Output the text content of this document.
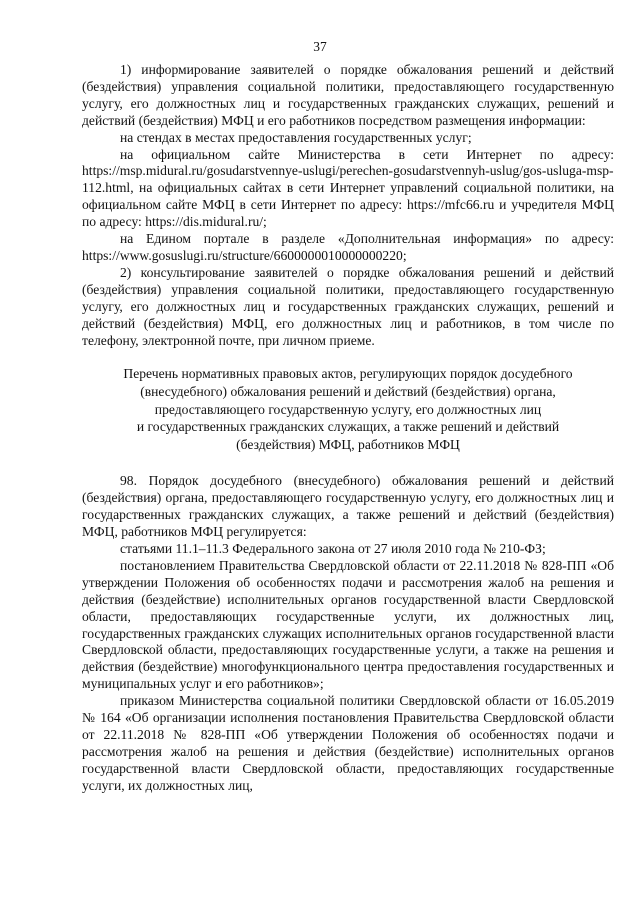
37

1) информирование заявителей о порядке обжалования решений и действий (бездействия) управления социальной политики, предоставляющего государственную услугу, его должностных лиц и государственных гражданских служащих, решений и действий (бездействия) МФЦ и его работников посредством размещения информации:

на стендах в местах предоставления государственных услуг;

на официальном сайте Министерства в сети Интернет по адресу: https://msp.midural.ru/gosudarstvennye-uslugi/perechen-gosudarstvennyh-uslug/gos-usluga-msp-112.html, на официальных сайтах в сети Интернет управлений социальной политики, на официальном сайте МФЦ в сети Интернет по адресу: https://mfc66.ru и учредителя МФЦ по адресу: https://dis.midural.ru/;

на Едином портале в разделе «Дополнительная информация» по адресу: https://www.gosuslugi.ru/structure/6600000010000000220;

2) консультирование заявителей о порядке обжалования решений и действий (бездействия) управления социальной политики, предоставляющего государственную услугу, его должностных лиц и государственных гражданских служащих, решений и действий (бездействия) МФЦ, его должностных лиц и работников, в том числе по телефону, электронной почте, при личном приеме.

Перечень нормативных правовых актов, регулирующих порядок досудебного
(внесудебного) обжалования решений и действий (бездействия) органа,
предоставляющего государственную услугу, его должностных лиц
и государственных гражданских служащих, а также решений и действий
(бездействия) МФЦ, работников МФЦ

98. Порядок досудебного (внесудебного) обжалования решений и действий (бездействия) органа, предоставляющего государственную услугу, его должностных лиц и государственных гражданских служащих, а также решений и действий (бездействия) МФЦ, работников МФЦ регулируется:

статьями 11.1–11.3 Федерального закона от 27 июля 2010 года № 210-ФЗ;

постановлением Правительства Свердловской области от 22.11.2018 № 828-ПП «Об утверждении Положения об особенностях подачи и рассмотрения жалоб на решения и действия (бездействие) исполнительных органов государственной власти Свердловской области, предоставляющих государственные услуги, их должностных лиц, государственных гражданских служащих исполнительных органов государственной власти Свердловской области, предоставляющих государственные услуги, а также на решения и действия (бездействие) многофункционального центра предоставления государственных и муниципальных услуг и его работников»;

приказом Министерства социальной политики Свердловской области от 16.05.2019 № 164 «Об организации исполнения постановления Правительства Свердловской области от 22.11.2018 № 828-ПП «Об утверждении Положения об особенностях подачи и рассмотрения жалоб на решения и действия (бездействие) исполнительных органов государственной власти Свердловской области, предоставляющих государственные услуги, их должностных лиц,
